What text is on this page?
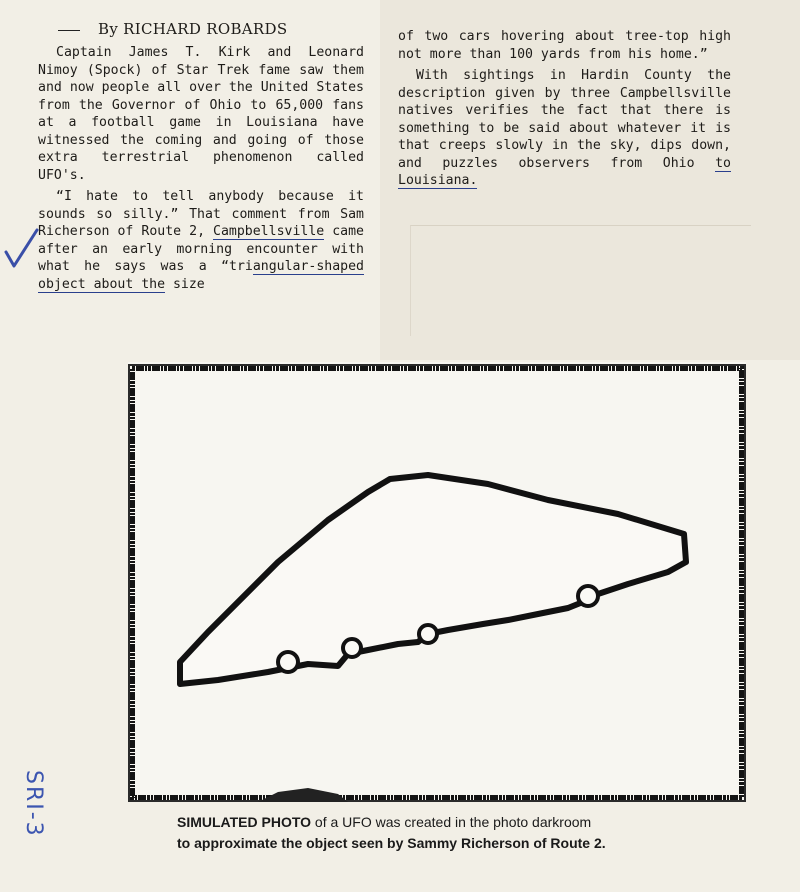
By RICHARD ROBARDS

Captain James T. Kirk and Leonard Nimoy (Spock) of Star Trek fame saw them and now people all over the United States from the Governor of Ohio to 65,000 fans at a football game in Louisiana have witnessed the coming and going of those extra terrestrial phenomenon called UFO's.

“I hate to tell anybody because it sounds so silly.” That comment from Sam Richerson of Route 2, Campbellsville came after an early morning encounter with what he says was a “triangular-shaped object about the size

of two cars hovering about tree-top high not more than 100 yards from his home.”

With sightings in Hardin County the description given by three Campbellsville natives verifies the fact that there is something to be said about whatever it is that creeps slowly in the sky, dips down, and puzzles observers from Ohio to Louisiana.

SIMULATED PHOTO of a UFO was created in the photo darkroom
to approximate the object seen by Sammy Richerson of Route 2.
SRI-3
